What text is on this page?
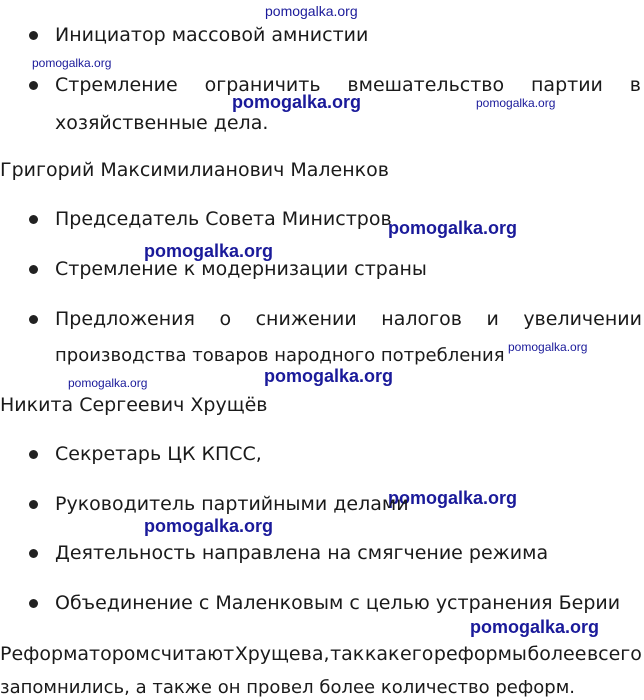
pomogalka.org
pomogalka.org
pomogalka.org	pomogalka.org
pomogalka.org
pomogalka.org
pomogalka.org
pomogalka.org
pomogalka.org
pomogalka.org
pomogalka.org
pomogalka.org
Инициатор массовой амнистии
Стремление ограничить вмешательство партии в
хозяйственные дела.
Григорий Максимилианович Маленков
Председатель Совета Министров
Стремление к модернизации страны
Предложения о снижении налогов и увеличении
производства товаров народного потребления
Никита Сергеевич Хрущёв
Секретарь ЦК КПСС,
Руководитель партийными делами
Деятельность направлена на смягчение режима
Объединение с Маленковым с целью устранения Берии
Реформатором считают Хрущева, так как его реформы более всего
запомнились, а также он провел более количество реформ.
